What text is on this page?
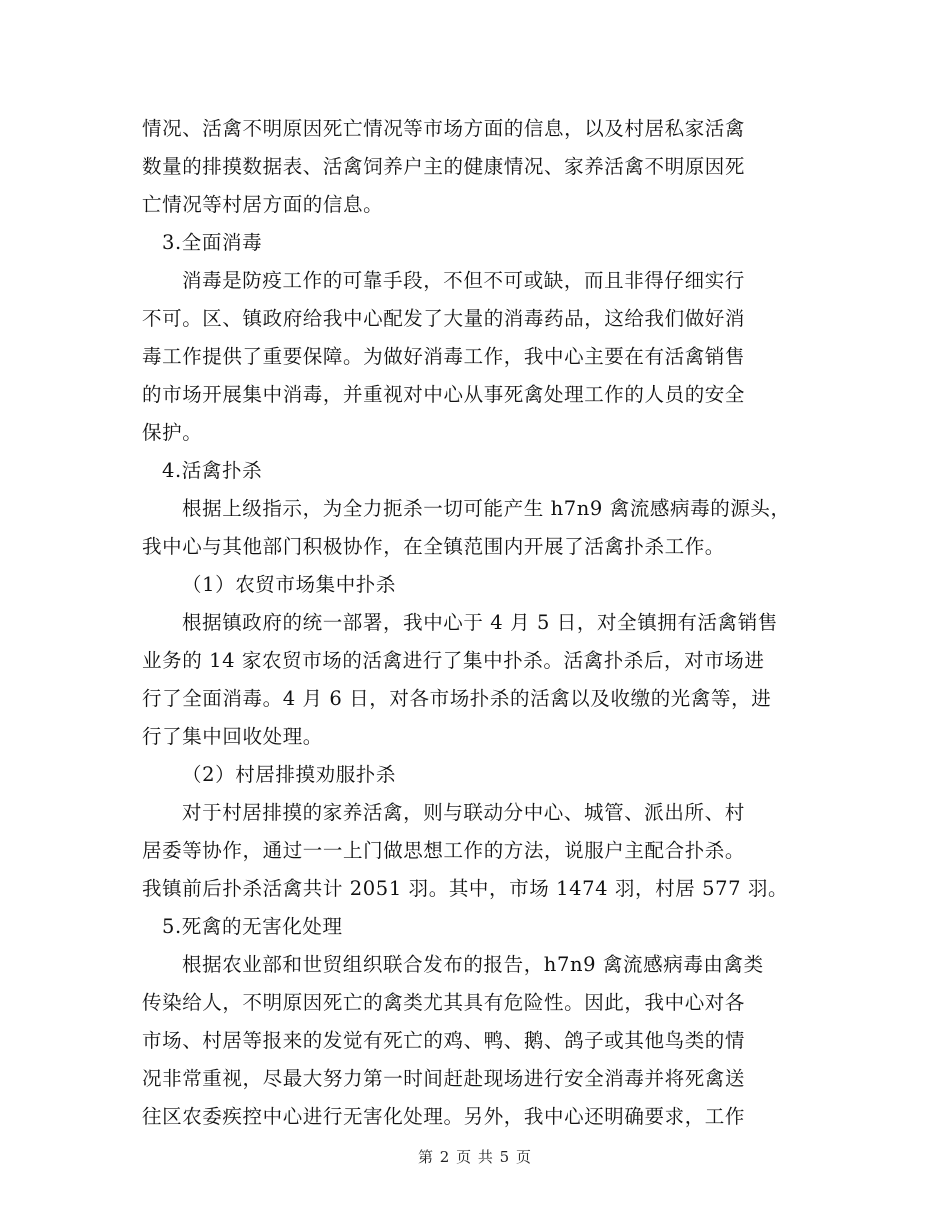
情况、活禽不明原因死亡情况等市场方面的信息，以及村居私家活禽
数量的排摸数据表、活禽饲养户主的健康情况、家养活禽不明原因死
亡情况等村居方面的信息。
3.全面消毒
消毒是防疫工作的可靠手段，不但不可或缺，而且非得仔细实行
不可。区、镇政府给我中心配发了大量的消毒药品，这给我们做好消
毒工作提供了重要保障。为做好消毒工作，我中心主要在有活禽销售
的市场开展集中消毒，并重视对中心从事死禽处理工作的人员的安全
保护。
4.活禽扑杀
根据上级指示，为全力扼杀一切可能产生 h7n9 禽流感病毒的源头，
我中心与其他部门积极协作，在全镇范围内开展了活禽扑杀工作。
（1）农贸市场集中扑杀
根据镇政府的统一部署，我中心于 4 月 5 日，对全镇拥有活禽销售
业务的 14 家农贸市场的活禽进行了集中扑杀。活禽扑杀后，对市场进
行了全面消毒。4 月 6 日，对各市场扑杀的活禽以及收缴的光禽等，进
行了集中回收处理。
（2）村居排摸劝服扑杀
对于村居排摸的家养活禽，则与联动分中心、城管、派出所、村
居委等协作，通过一一上门做思想工作的方法，说服户主配合扑杀。
我镇前后扑杀活禽共计 2051 羽。其中，市场 1474 羽，村居 577 羽。
5.死禽的无害化处理
根据农业部和世贸组织联合发布的报告，h7n9 禽流感病毒由禽类
传染给人，不明原因死亡的禽类尤其具有危险性。因此，我中心对各
市场、村居等报来的发觉有死亡的鸡、鸭、鹅、鸽子或其他鸟类的情
况非常重视，尽最大努力第一时间赶赴现场进行安全消毒并将死禽送
往区农委疾控中心进行无害化处理。另外，我中心还明确要求，工作
第 2 页 共 5 页
